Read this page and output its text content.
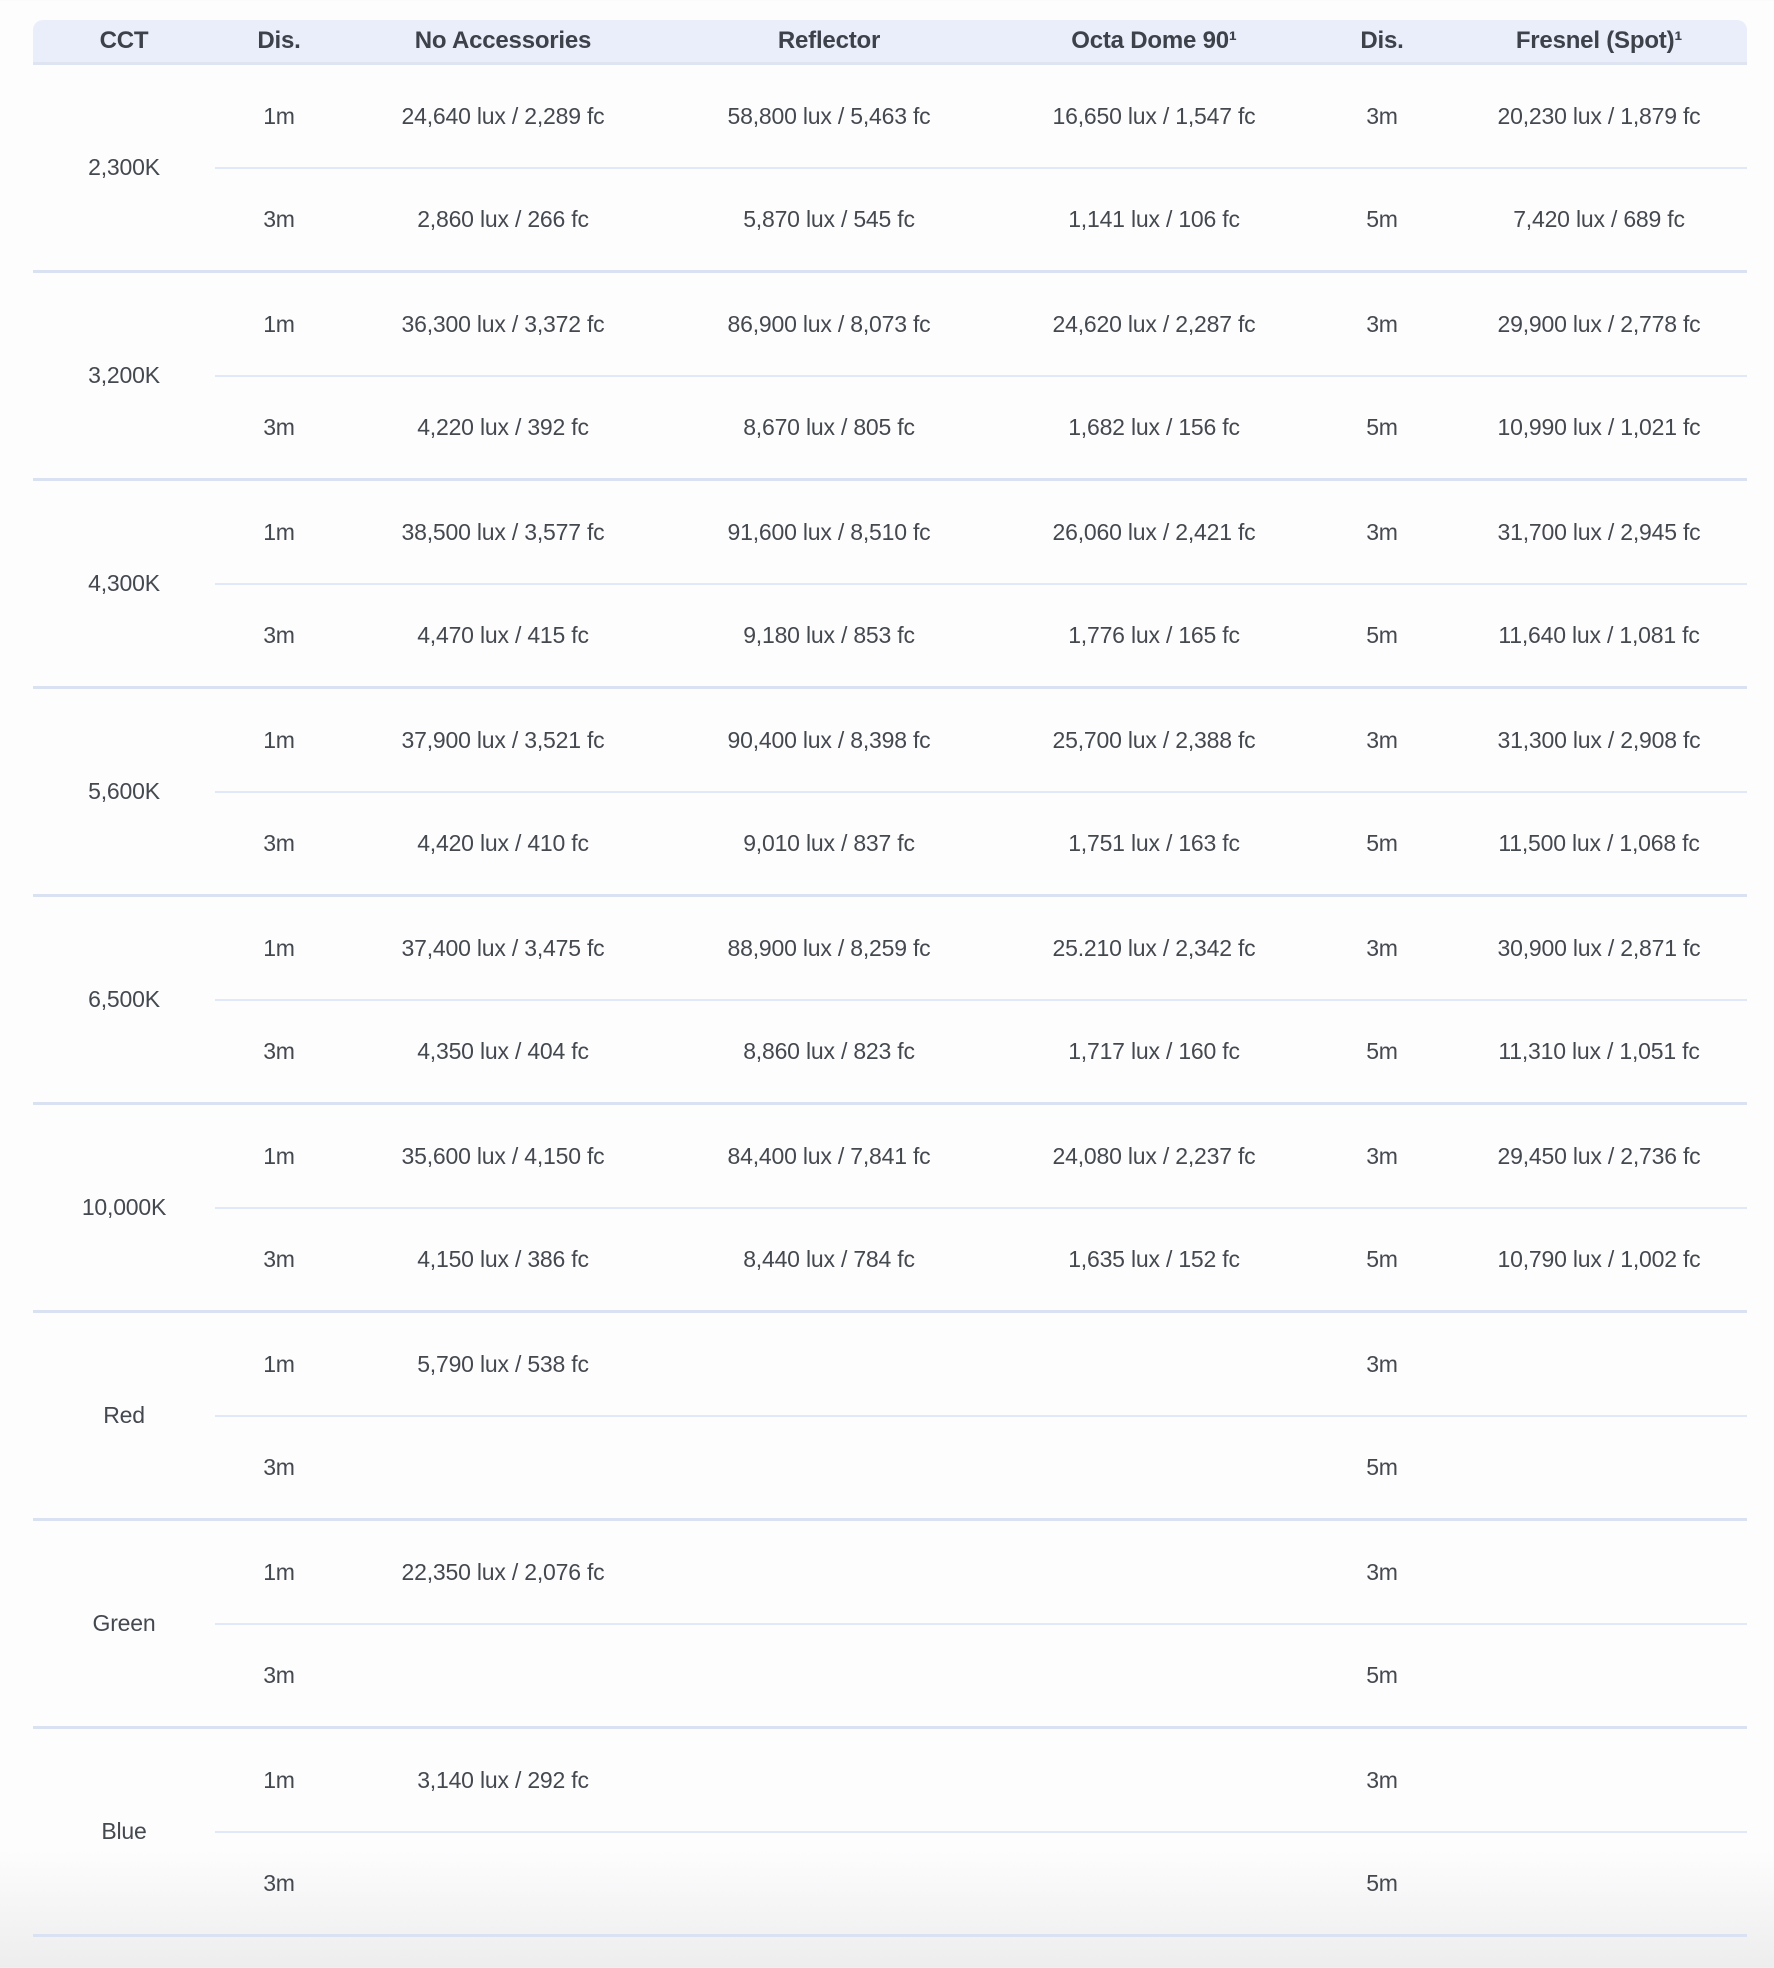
CCT	Dis.	No Accessories	Reflector	Octa Dome 90¹	Dis.	Fresnel (Spot)¹
2,300K	1m	24,640 lux / 2,289 fc	58,800 lux / 5,463 fc	16,650 lux / 1,547 fc	3m	20,230 lux / 1,879 fc
	3m	2,860 lux / 266 fc	5,870 lux / 545 fc	1,141 lux / 106 fc	5m	7,420 lux / 689 fc
3,200K	1m	36,300 lux / 3,372 fc	86,900 lux / 8,073 fc	24,620 lux / 2,287 fc	3m	29,900 lux / 2,778 fc
	3m	4,220 lux / 392 fc	8,670 lux / 805 fc	1,682 lux / 156 fc	5m	10,990 lux / 1,021 fc
4,300K	1m	38,500 lux / 3,577 fc	91,600 lux / 8,510 fc	26,060 lux / 2,421 fc	3m	31,700 lux / 2,945 fc
	3m	4,470 lux / 415 fc	9,180 lux / 853 fc	1,776 lux / 165 fc	5m	11,640 lux / 1,081 fc
5,600K	1m	37,900 lux / 3,521 fc	90,400 lux / 8,398 fc	25,700 lux / 2,388 fc	3m	31,300 lux / 2,908 fc
	3m	4,420 lux / 410 fc	9,010 lux / 837 fc	1,751 lux / 163 fc	5m	11,500 lux / 1,068 fc
6,500K	1m	37,400 lux / 3,475 fc	88,900 lux / 8,259 fc	25.210 lux / 2,342 fc	3m	30,900 lux / 2,871 fc
	3m	4,350 lux / 404 fc	8,860 lux / 823 fc	1,717 lux / 160 fc	5m	11,310 lux / 1,051 fc
10,000K	1m	35,600 lux / 4,150 fc	84,400 lux / 7,841 fc	24,080 lux / 2,237 fc	3m	29,450 lux / 2,736 fc
	3m	4,150 lux / 386 fc	8,440 lux / 784 fc	1,635 lux / 152 fc	5m	10,790 lux / 1,002 fc
Red	1m	5,790 lux / 538 fc			3m	
	3m				5m	
Green	1m	22,350 lux / 2,076 fc			3m	
	3m				5m	
Blue	1m	3,140 lux / 292 fc			3m	
	3m				5m	
